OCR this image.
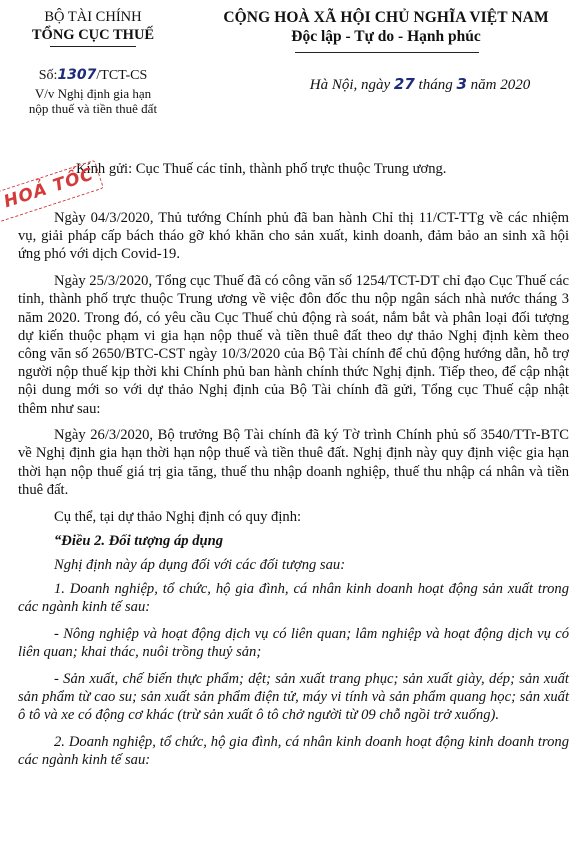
BỘ TÀI CHÍNH
TỔNG CỤC THUẾ
CỘNG HOÀ XÃ HỘI CHỦ NGHĨA VIỆT NAM
Độc lập - Tự do - Hạnh phúc
Số:1307/TCT-CS
V/v Nghị định gia hạn
nộp thuế và tiền thuê đất
Hà Nội, ngày 27 tháng 3 năm 2020
Kính gửi: Cục Thuế các tỉnh, thành phố trực thuộc Trung ương.
HOẢ TỐC

Ngày 04/3/2020, Thủ tướng Chính phủ đã ban hành Chỉ thị 11/CT-TTg về các nhiệm vụ, giải pháp cấp bách tháo gỡ khó khăn cho sản xuất, kinh doanh, đảm bảo an sinh xã hội ứng phó với dịch Covid-19.

Ngày 25/3/2020, Tổng cục Thuế đã có công văn số 1254/TCT-DT chỉ đạo Cục Thuế các tỉnh, thành phố trực thuộc Trung ương về việc đôn đốc thu nộp ngân sách nhà nước tháng 3 năm 2020. Trong đó, có yêu cầu Cục Thuế chủ động rà soát, nắm bắt và phân loại đối tượng dự kiến thuộc phạm vi gia hạn nộp thuế và tiền thuê đất theo dự thảo Nghị định kèm theo công văn số 2650/BTC-CST ngày 10/3/2020 của Bộ Tài chính để chủ động hướng dẫn, hỗ trợ người nộp thuế kịp thời khi Chính phủ ban hành chính thức Nghị định. Tiếp theo, để cập nhật nội dung mới so với dự thảo Nghị định của Bộ Tài chính đã gửi, Tổng cục Thuế cập nhật thêm như sau:

Ngày 26/3/2020, Bộ trưởng Bộ Tài chính đã ký Tờ trình Chính phủ số 3540/TTr-BTC về Nghị định gia hạn thời hạn nộp thuế và tiền thuê đất. Nghị định này quy định việc gia hạn thời hạn nộp thuế giá trị gia tăng, thuế thu nhập doanh nghiệp, thuế thu nhập cá nhân và tiền thuê đất.

Cụ thể, tại dự thảo Nghị định có quy định:

“Điều 2. Đối tượng áp dụng

Nghị định này áp dụng đối với các đối tượng sau:

1. Doanh nghiệp, tổ chức, hộ gia đình, cá nhân kinh doanh hoạt động sản xuất trong các ngành kinh tế sau:

- Nông nghiệp và hoạt động dịch vụ có liên quan; lâm nghiệp và hoạt động dịch vụ có liên quan; khai thác, nuôi trồng thuỷ sản;

- Sản xuất, chế biến thực phẩm; dệt; sản xuất trang phục; sản xuất giày, dép; sản xuất sản phẩm từ cao su; sản xuất sản phẩm điện tử, máy vi tính và sản phẩm quang học; sản xuất ô tô và xe có động cơ khác (trừ sản xuất ô tô chở người từ 09 chỗ ngồi trở xuống).

2. Doanh nghiệp, tổ chức, hộ gia đình, cá nhân kinh doanh hoạt động kinh doanh trong các ngành kinh tế sau:
